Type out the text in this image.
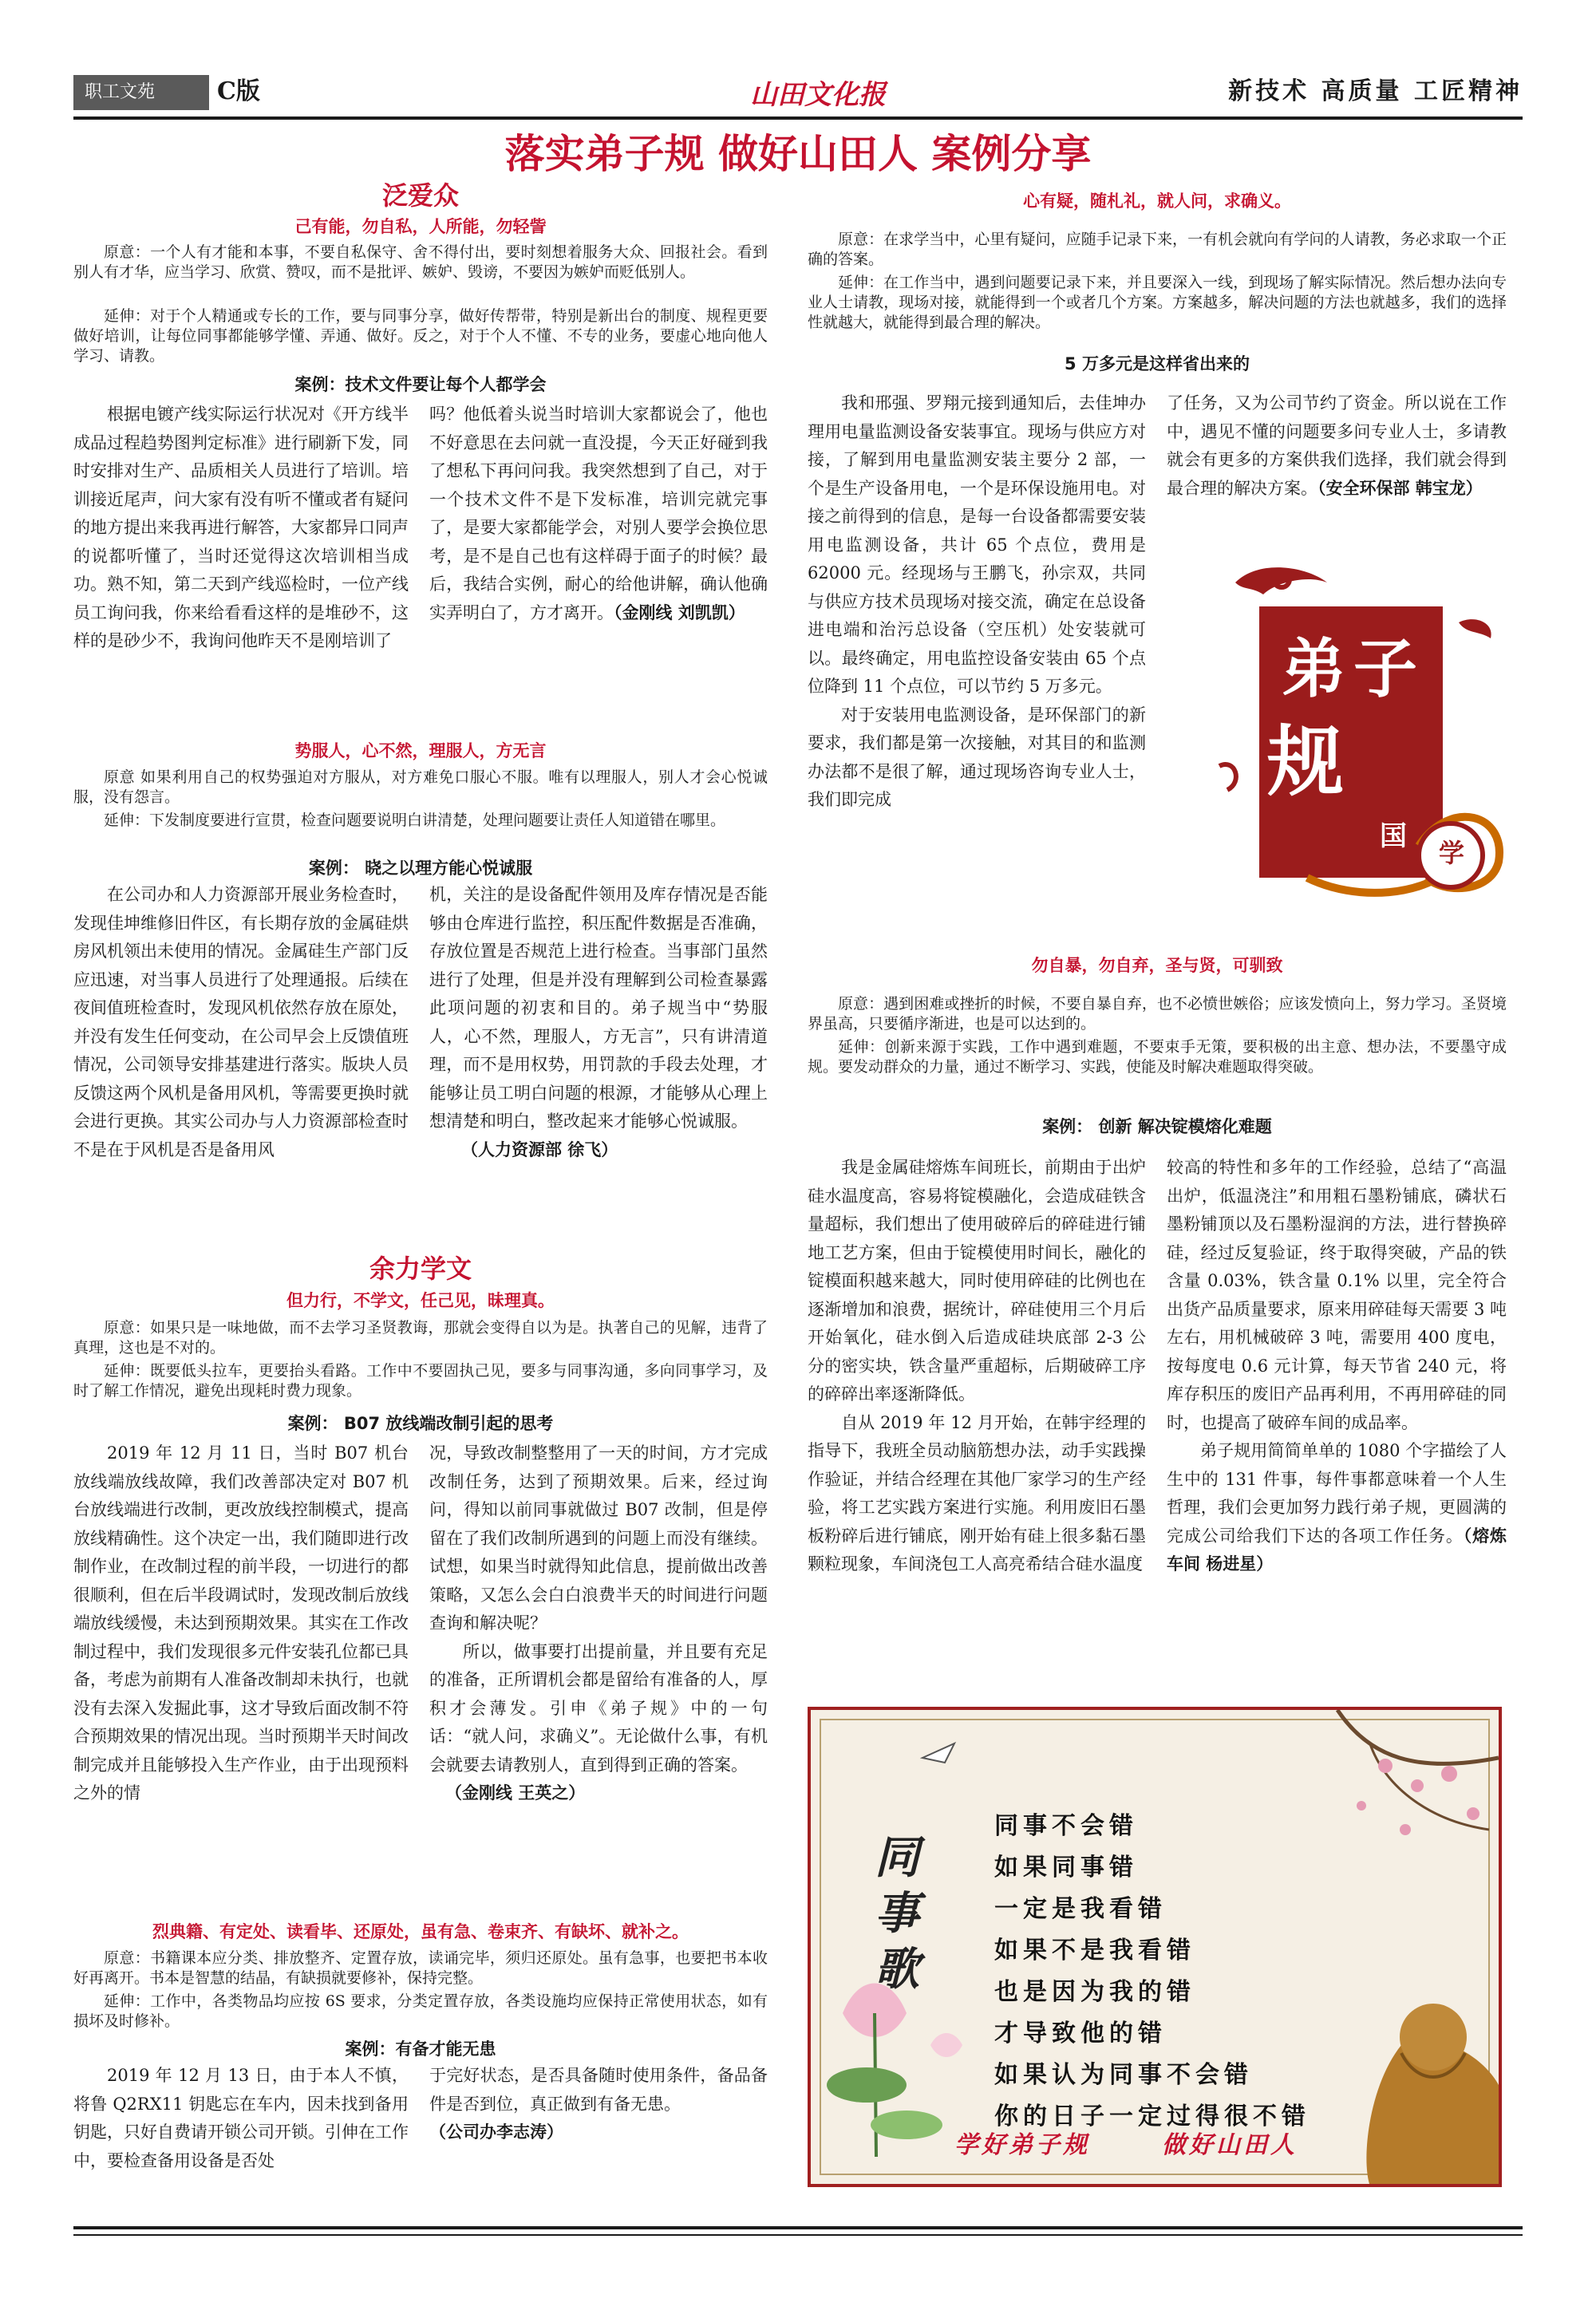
职工文苑	C版	山田文化报	新技术 高质量 工匠精神
落实弟子规 做好山田人 案例分享
泛爱众
己有能，勿自私，人所能，勿轻訾
原意：一个人有才能和本事，不要自私保守、舍不得付出，要时刻想着服务大众、回报社会。看到别人有才华，应当学习、欣赏、赞叹，而不是批评、嫉妒、毁谤，不要因为嫉妒而贬低别人。
延伸：对于个人精通或专长的工作，要与同事分享，做好传帮带，特别是新出台的制度、规程更要做好培训，让每位同事都能够学懂、弄通、做好。反之，对于个人不懂、不专的业务，要虚心地向他人学习、请教。
案例：技术文件要让每个人都学会
根据电镀产线实际运行状况对《开方线半成品过程趋势图判定标准》进行刷新下发，同时安排对生产、品质相关人员进行了培训。培训接近尾声，问大家有没有听不懂或者有疑问的地方提出来我再进行解答，大家都异口同声的说都听懂了，当时还觉得这次培训相当成功。熟不知，第二天到产线巡检时，一位产线员工询问我，你来给看看这样的是堆砂不，这样的是砂少不，我询问他昨天不是刚培训了
吗？他低着头说当时培训大家都说会了，他也不好意思在去问就一直没提，今天正好碰到我了想私下再问问我。我突然想到了自己，对于一个技术文件不是下发标准，培训完就完事了，是要大家都能学会，对别人要学会换位思考，是不是自己也有这样碍于面子的时候？最后，我结合实例，耐心的给他讲解，确认他确实弄明白了，方才离开。（金刚线 刘凯凯）
势服人，心不然，理服人，方无言
原意 如果利用自己的权势强迫对方服从，对方难免口服心不服。唯有以理服人，别人才会心悦诚服，没有怨言。
延伸：下发制度要进行宣贯，检查问题要说明白讲清楚，处理问题要让责任人知道错在哪里。
案例： 晓之以理方能心悦诚服
在公司办和人力资源部开展业务检查时，发现佳坤维修旧件区，有长期存放的金属硅烘房风机领出未使用的情况。金属硅生产部门反应迅速，对当事人员进行了处理通报。后续在夜间值班检查时，发现风机依然存放在原处，并没有发生任何变动，在公司早会上反馈值班情况，公司领导安排基建进行落实。版块人员反馈这两个风机是备用风机，等需要更换时就会进行更换。其实公司办与人力资源部检查时不是在于风机是否是备用风
机，关注的是设备配件领用及库存情况是否能够由仓库进行监控，积压配件数据是否准确，存放位置是否规范上进行检查。当事部门虽然进行了处理，但是并没有理解到公司检查暴露此项问题的初衷和目的。弟子规当中“势服人，心不然，理服人，方无言”，只有讲清道理，而不是用权势，用罚款的手段去处理，才能够让员工明白问题的根源，才能够从心理上想清楚和明白，整改起来才能够心悦诚服。
（人力资源部 徐飞）
余力学文
但力行，不学文，任己见，昧理真。
原意：如果只是一味地做，而不去学习圣贤教诲，那就会变得自以为是。执著自己的见解，违背了真理，这也是不对的。
延伸：既要低头拉车，更要抬头看路。工作中不要固执己见，要多与同事沟通，多向同事学习，及时了解工作情况，避免出现耗时费力现象。
案例： B07 放线端改制引起的思考
2019 年 12 月 11 日，当时 B07 机台放线端放线故障，我们改善部决定对 B07 机台放线端进行改制，更改放线控制模式，提高放线精确性。这个决定一出，我们随即进行改制作业，在改制过程的前半段，一切进行的都很顺利，但在后半段调试时，发现改制后放线端放线缓慢，未达到预期效果。其实在工作改制过程中，我们发现很多元件安装孔位都已具备，考虑为前期有人准备改制却未执行，也就没有去深入发掘此事，这才导致后面改制不符合预期效果的情况出现。当时预期半天时间改制完成并且能够投入生产作业，由于出现预料之外的情
况，导致改制整整用了一天的时间，方才完成改制任务，达到了预期效果。后来，经过询问，得知以前同事就做过 B07 改制，但是停留在了我们改制所遇到的问题上而没有继续。试想，如果当时就得知此信息，提前做出改善策略，又怎么会白白浪费半天的时间进行问题查询和解决呢？
所以，做事要打出提前量，并且要有充足的准备，正所谓机会都是留给有准备的人，厚积才会薄发。引申《弟子规》中的一句话：“就人问，求确义”。无论做什么事，有机会就要去请教别人，直到得到正确的答案。
（金刚线 王英之）
烈典籍、有定处、读看毕、还原处，虽有急、卷束齐、有缺坏、就补之。
原意：书籍课本应分类、排放整齐、定置存放，读诵完毕，须归还原处。虽有急事，也要把书本收好再离开。书本是智慧的结晶，有缺损就要修补，保持完整。
延伸：工作中，各类物品均应按 6S 要求，分类定置存放，各类设施均应保持正常使用状态，如有损坏及时修补。
案例：有备才能无患
2019 年 12 月 13 日，由于本人不慎，将鲁 Q2RX11 钥匙忘在车内，因未找到备用钥匙，只好自费请开锁公司开锁。引伸在工作中，要检查备用设备是否处
于完好状态，是否具备随时使用条件，备品备件是否到位，真正做到有备无患。
（公司办李志涛）
心有疑，随札礼，就人问，求确义。
原意：在求学当中，心里有疑问，应随手记录下来，一有机会就向有学问的人请教，务必求取一个正确的答案。
延伸：在工作当中，遇到问题要记录下来，并且要深入一线，到现场了解实际情况。然后想办法向专业人士请教，现场对接，就能得到一个或者几个方案。方案越多，解决问题的方法也就越多，我们的选择性就越大，就能得到最合理的解决。
5 万多元是这样省出来的
我和邢强、罗翔元接到通知后，去佳坤办理用电量监测设备安装事宜。现场与供应方对接，了解到用电量监测安装主要分 2 部，一个是生产设备用电，一个是环保设施用电。对接之前得到的信息，是每一台设备都需要安装用电监测设备，共计 65 个点位，费用是 62000 元。经现场与王鹏飞，孙宗双，共同与供应方技术员现场对接交流，确定在总设备进电端和治污总设备（空压机）处安装就可以。最终确定，用电监控设备安装由 65 个点位降到 11 个点位，可以节约 5 万多元。
对于安装用电监测设备，是环保部门的新要求，我们都是第一次接触，对其目的和监测办法都不是很了解，通过现场咨询专业人士，我们即完成
了任务，又为公司节约了资金。所以说在工作中，遇见不懂的问题要多问专业人士，多请教就会有更多的方案供我们选择，我们就会得到最合理的解决方案。（安全环保部 韩宝龙）
弟子
规
国
学
勿自暴，勿自弃，圣与贤，可驯致
原意：遇到困难或挫折的时候，不要自暴自弃，也不必愤世嫉俗；应该发愤向上，努力学习。圣贤境界虽高，只要循序渐进，也是可以达到的。
延伸：创新来源于实践，工作中遇到难题，不要束手无策，要积极的出主意、想办法，不要墨守成规。要发动群众的力量，通过不断学习、实践，使能及时解决难题取得突破。
案例： 创新 解决锭模熔化难题
我是金属硅熔炼车间班长，前期由于出炉硅水温度高，容易将锭模融化，会造成硅铁含量超标，我们想出了使用破碎后的碎硅进行铺地工艺方案，但由于锭模使用时间长，融化的锭模面积越来越大，同时使用碎硅的比例也在逐渐增加和浪费，据统计，碎硅使用三个月后开始氧化，硅水倒入后造成硅块底部 2-3 公分的密实块，铁含量严重超标，后期破碎工序的碎碎出率逐渐降低。
自从 2019 年 12 月开始，在韩宇经理的指导下，我班全员动脑筋想办法，动手实践操作验证，并结合经理在其他厂家学习的生产经验，将工艺实践方案进行实施。利用废旧石墨板粉碎后进行铺底，刚开始有硅上很多黏石墨颗粒现象，车间浇包工人高亮希结合硅水温度
较高的特性和多年的工作经验，总结了“高温出炉，低温浇注”和用粗石墨粉铺底，磷状石墨粉铺顶以及石墨粉湿润的方法，进行替换碎硅，经过反复验证，终于取得突破，产品的铁含量 0.03%，铁含量 0.1% 以里，完全符合出货产品质量要求，原来用碎硅每天需要 3 吨左右，用机械破碎 3 吨，需要用 400 度电，按每度电 0.6 元计算，每天节省 240 元，将库存积压的废旧产品再利用，不再用碎硅的同时，也提高了破碎车间的成品率。
弟子规用简简单单的 1080 个字描绘了人生中的 131 件事，每件事都意味着一个人生哲理，我们会更加努力践行弟子规，更圆满的完成公司给我们下达的各项工作任务。（熔炼车间 杨进星）
同事歌
同事不会错
如果同事错
一定是我看错
如果不是我看错
也是因为我的错
才导致他的错
如果认为同事不会错
你的日子一定过得很不错
学好弟子规	做好山田人
